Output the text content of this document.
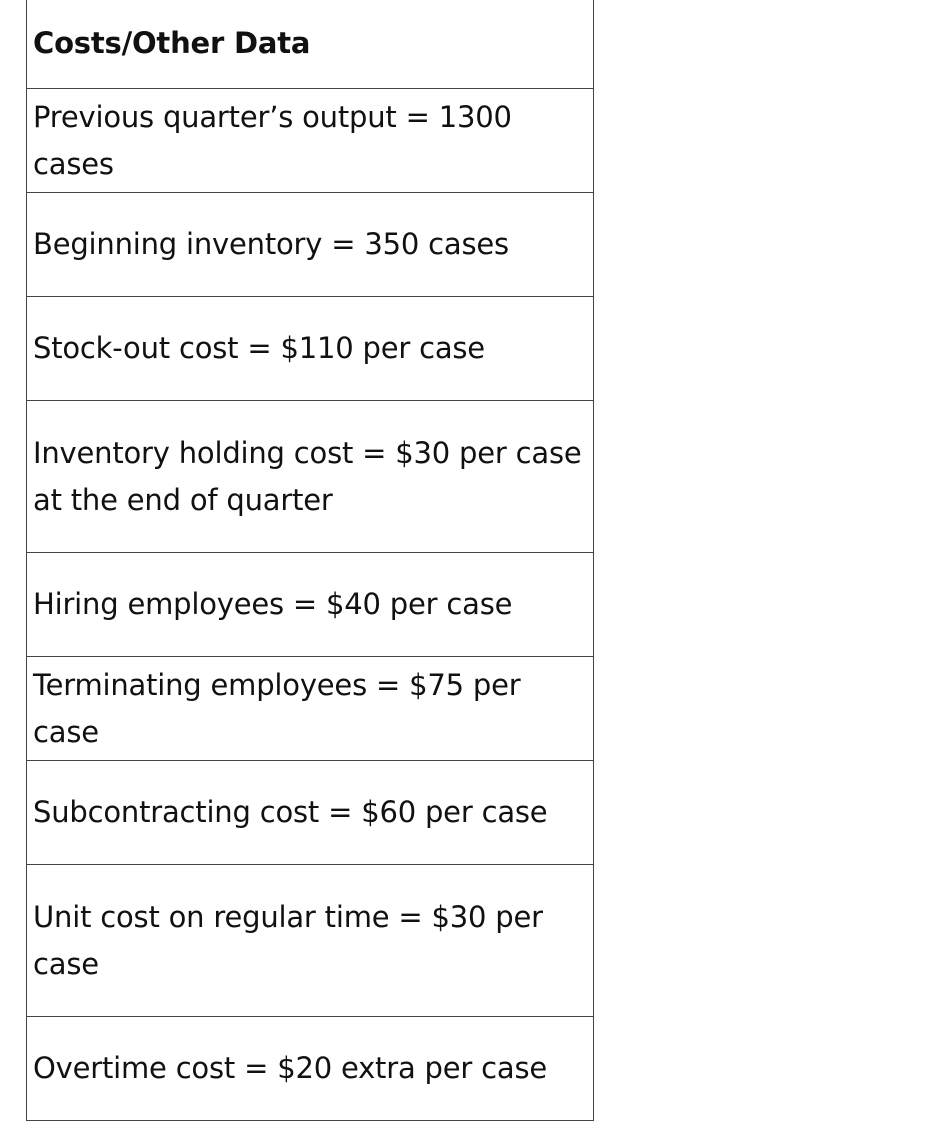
Costs/Other Data
Previous quarter’s output = 1300 cases
Beginning inventory = 350 cases
Stock-out cost = $110 per case
Inventory holding cost = $30 per case at the end of quarter
Hiring employees = $40 per case
Terminating employees = $75 per case
Subcontracting cost = $60 per case
Unit cost on regular time = $30 per case
Overtime cost = $20 extra per case
